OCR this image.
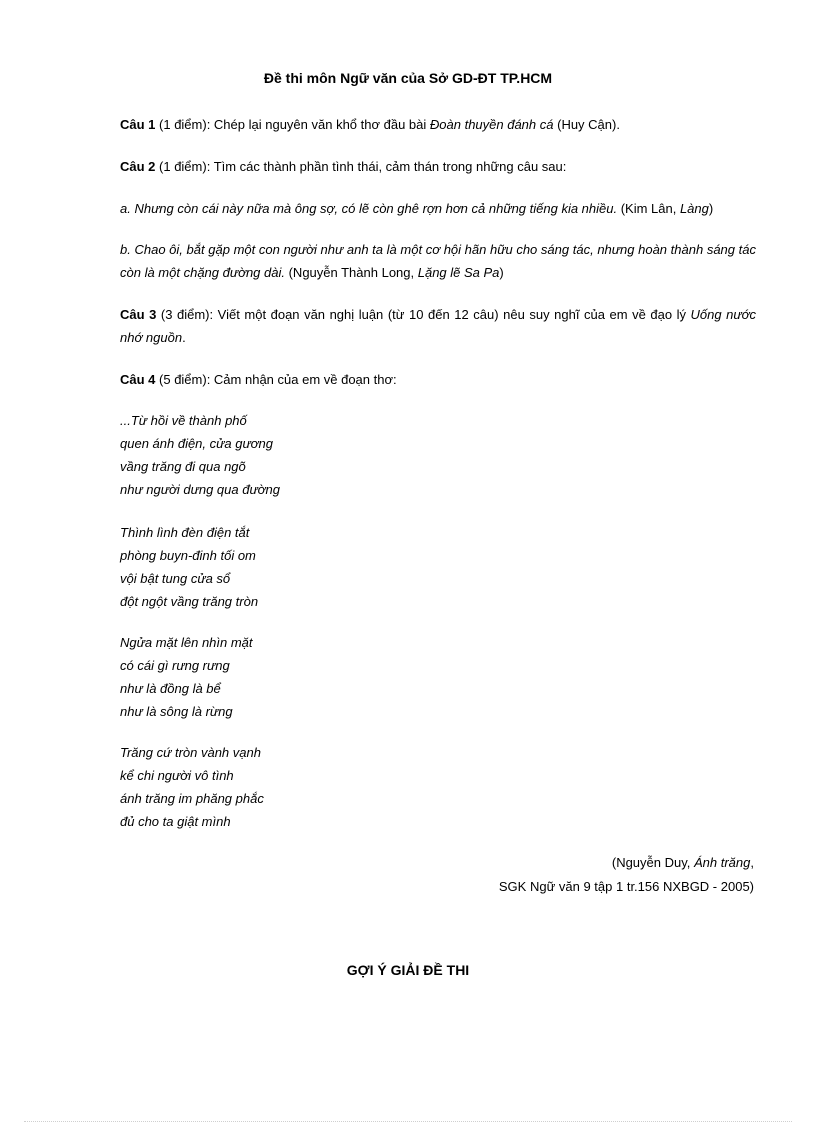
Đề thi môn Ngữ văn của Sở GD-ĐT TP.HCM
Câu 1 (1 điểm): Chép lại nguyên văn khổ thơ đầu bài Đoàn thuyền đánh cá (Huy Cận).
Câu 2 (1 điểm): Tìm các thành phần tình thái, cảm thán trong những câu sau:
a. Nhưng còn cái này nữa mà ông sợ, có lẽ còn ghê rợn hơn cả những tiếng kia nhiều. (Kim Lân, Làng)
b. Chao ôi, bắt gặp một con người như anh ta là một cơ hội hãn hữu cho sáng tác, nhưng hoàn thành sáng tác còn là một chặng đường dài. (Nguyễn Thành Long, Lặng lẽ Sa Pa)
Câu 3 (3 điểm): Viết một đoạn văn nghị luận (từ 10 đến 12 câu) nêu suy nghĩ của em về đạo lý Uống nước nhớ nguồn.
Câu 4 (5 điểm): Cảm nhận của em về đoạn thơ:
...Từ hồi về thành phố
quen ánh điện, cửa gương
vầng trăng đi qua ngõ
như người dưng qua đường
Thình lình đèn điện tắt
phòng buyn-đinh tối om
vội bật tung cửa sổ
đột ngột vầng trăng tròn
Ngửa mặt lên nhìn mặt
có cái gì rưng rưng
như là đồng là bể
như là sông là rừng
Trăng cứ tròn vành vạnh
kể chi người vô tình
ánh trăng im phăng phắc
đủ cho ta giật mình
(Nguyễn Duy, Ánh trăng,
SGK Ngữ văn 9 tập 1 tr.156 NXBGD - 2005)
GỢI Ý GIẢI ĐỀ THI
